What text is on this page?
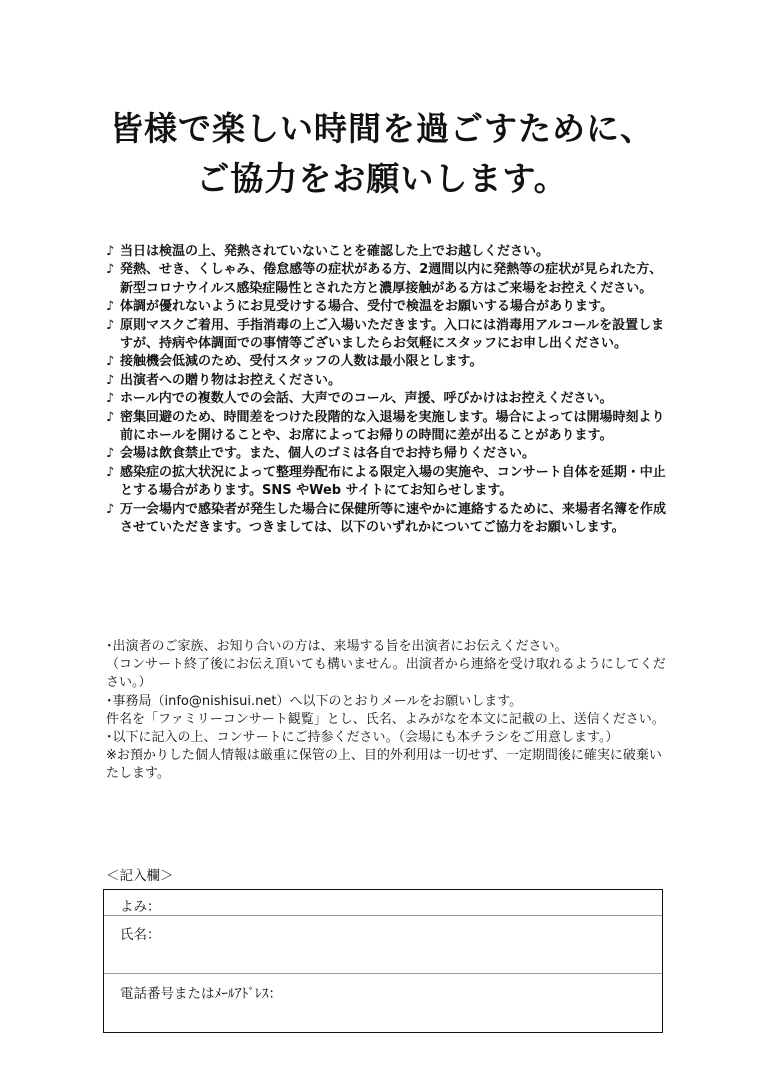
皆様で楽しい時間を過ごすために、
ご協力をお願いします。
♪ 当日は検温の上、発熱されていないことを確認した上でお越しください。
♪ 発熱、せき、くしゃみ、倦怠感等の症状がある方、2週間以内に発熱等の症状が見られた方、新型コロナウイルス感染症陽性とされた方と濃厚接触がある方はご来場をお控えください。
♪ 体調が優れないようにお見受けする場合、受付で検温をお願いする場合があります。
♪ 原則マスクご着用、手指消毒の上ご入場いただきます。入口には消毒用アルコールを設置しますが、持病や体調面での事情等ございましたらお気軽にスタッフにお申し出ください。
♪ 接触機会低減のため、受付スタッフの人数は最小限とします。
♪ 出演者への贈り物はお控えください。
♪ ホール内での複数人での会話、大声でのコール、声援、呼びかけはお控えください。
♪ 密集回避のため、時間差をつけた段階的な入退場を実施します。場合によっては開場時刻より前にホールを開けることや、お席によってお帰りの時間に差が出ることがあります。
♪ 会場は飲食禁止です。また、個人のゴミは各自でお持ち帰りください。
♪ 感染症の拡大状況によって整理券配布による限定入場の実施や、コンサート自体を延期・中止とする場合があります。SNS やWeb サイトにてお知らせします。
♪ 万一会場内で感染者が発生した場合に保健所等に速やかに連絡するために、来場者名簿を作成させていただきます。つきましては、以下のいずれかについてご協力をお願いします。
･出演者のご家族、お知り合いの方は、来場する旨を出演者にお伝えください。
（コンサート終了後にお伝え頂いても構いません。出演者から連絡を受け取れるようにしてください。）
･事務局（info@nishisui.net）へ以下のとおりメールをお願いします。
件名を「ファミリーコンサート観覧」とし、氏名、よみがなを本文に記載の上、送信ください。
･以下に記入の上、コンサートにご持参ください。（会場にも本チラシをご用意します。）
※お預かりした個人情報は厳重に保管の上、目的外利用は一切せず、一定期間後に確実に破棄いたします。
＜記入欄＞
よみ：
氏名：
電話番号またはﾒｰﾙｱﾄﾞﾚｽ：
